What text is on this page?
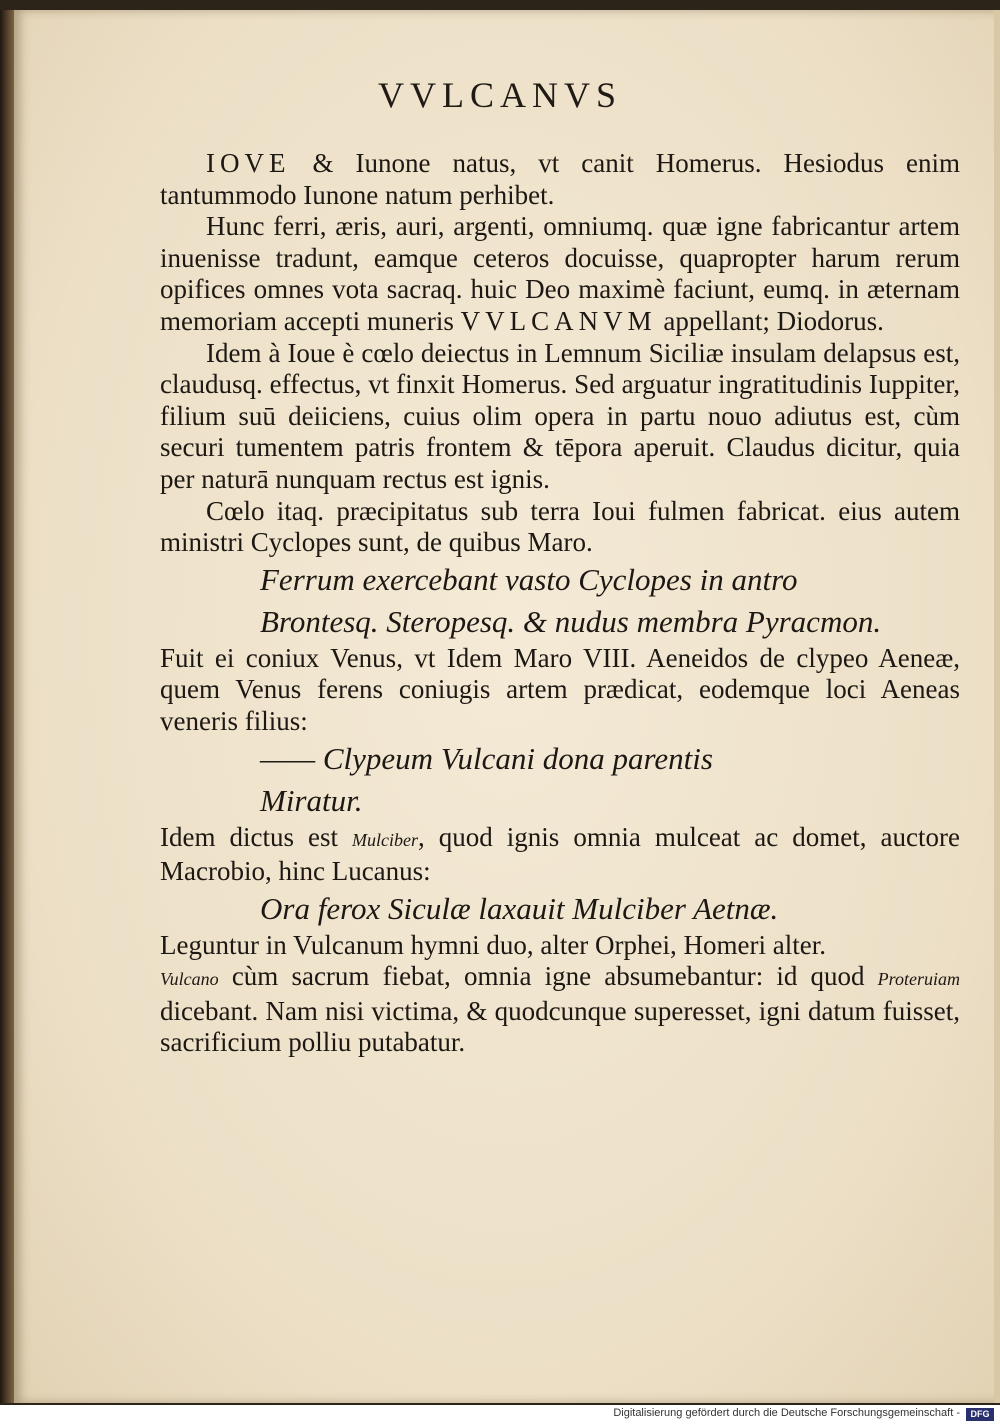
VVLCANVS

IOVE & Iunone natus, vt canit Homerus. Hesiodus enim tantummodo Iunone natum perhibet.

Hunc ferri, æris, auri, argenti, omniumq. quæ igne fabricantur artem inuenisse tradunt, eamque ceteros docuisse, quapropter harum rerum opifices omnes vota sacraq. huic Deo maximè faciunt, eumq. in æternam memoriam accepti muneris VVLCANVM appellant; Diodorus.

Idem à Ioue è cœlo deiectus in Lemnum Siciliæ insulam delapsus est, claudusq. effectus, vt finxit Homerus. Sed arguatur ingratitudinis Iuppiter, filium suū deiiciens, cuius olim opera in partu nouo adiutus est, cùm securi tumentem patris frontem & tēpora aperuit. Claudus dicitur, quia per naturā nunquam rectus est ignis.

Cœlo itaq. præcipitatus sub terra Ioui fulmen fabricat. eius autem ministri Cyclopes sunt, de quibus Maro.

Ferrum exercebant vasto Cyclopes in antro
Brontesq. Steropesq. & nudus membra Pyracmon.

Fuit ei coniux Venus, vt Idem Maro VIII. Aeneidos de clypeo Aeneæ, quem Venus ferens coniugis artem prædicat, eodemque loci Aeneas veneris filius:

—— Clypeum Vulcani dona parentis
Miratur.

Idem dictus est Mulciber, quod ignis omnia mulceat ac domet, auctore Macrobio, hinc Lucanus:

Ora ferox Siculæ laxauit Mulciber Aetnæ.

Leguntur in Vulcanum hymni duo, alter Orphei, Homeri alter.

Vulcano cùm sacrum fiebat, omnia igne absumebantur: id quod Proteruiam dicebant. Nam nisi victima, & quodcunque superesset, igni datum fuisset, sacrificium polliu putabatur.

Digitalisierung gefördert durch die Deutsche Forschungsgemeinschaft -	DFG
